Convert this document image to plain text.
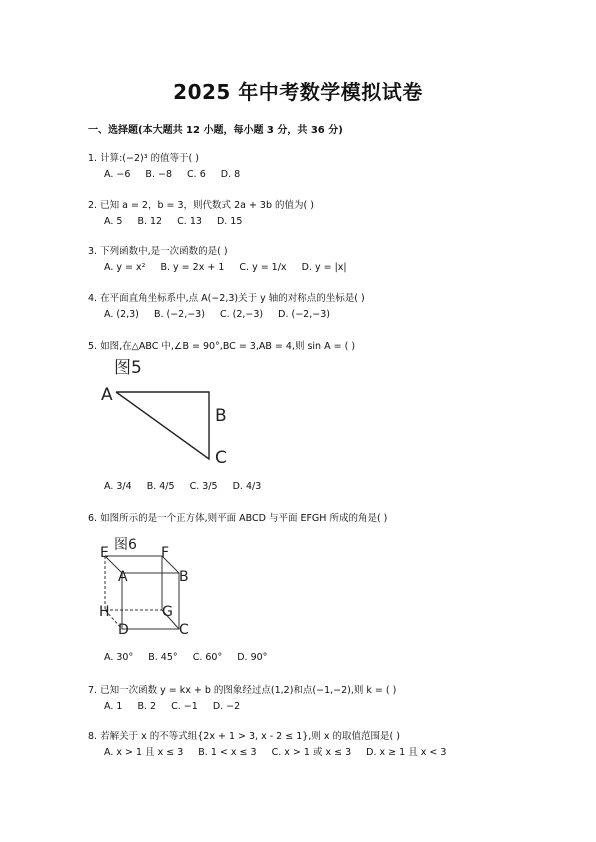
2025 年中考数学模拟试卷
一、选择题(本大题共 12 小题，每小题 3 分，共 36 分)
1. 计算:(−2)³ 的值等于( )
A. −6 B. −8 C. 6 D. 8
2. 已知 a = 2，b = 3，则代数式 2a + 3b 的值为( )
A. 5 B. 12 C. 13 D. 15
3. 下列函数中,是一次函数的是( )
A. y = x² B. y = 2x + 1 C. y = 1/x D. y = |x|
4. 在平面直角坐标系中,点 A(−2,3)关于 y 轴的对称点的坐标是( )
A. (2,3) B. (−2,−3) C. (2,−3) D. (−2,−3)
5. 如图,在△ABC 中,∠B = 90°,BC = 3,AB = 4,则 sin A = ( )
图5
A
B
C
A. 3/4 B. 4/5 C. 3/5 D. 4/3
6. 如图所示的是一个正方体,则平面 ABCD 与平面 EFGH 所成的角是( )
图6
E	F
A	B
H	G
D	C
A. 30° B. 45° C. 60° D. 90°
7. 已知一次函数 y = kx + b 的图象经过点(1,2)和点(−1,−2),则 k = ( )
A. 1 B. 2 C. −1 D. −2
8. 若解关于 x 的不等式组{2x + 1 > 3, x - 2 ≤ 1},则 x 的取值范围是( )
A. x > 1 且 x ≤ 3 B. 1 < x ≤ 3 C. x > 1 或 x ≤ 3 D. x ≥ 1 且 x < 3
